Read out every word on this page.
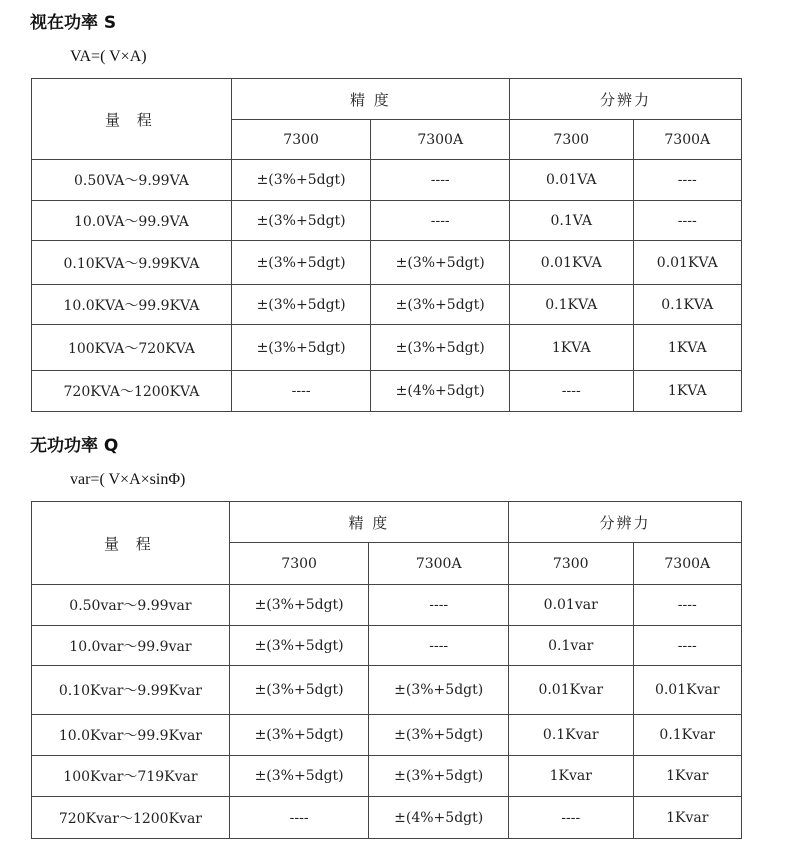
视在功率 S
VA=( V×A)
量 程	精 度		分辨力	
	7300	7300A	7300	7300A
0.50VA～9.99VA	±(3%+5dgt)	----	0.01VA	----
10.0VA～99.9VA	±(3%+5dgt)	----	0.1VA	----
0.10KVA～9.99KVA	±(3%+5dgt)	±(3%+5dgt)	0.01KVA	0.01KVA
10.0KVA～99.9KVA	±(3%+5dgt)	±(3%+5dgt)	0.1KVA	0.1KVA
100KVA～720KVA	±(3%+5dgt)	±(3%+5dgt)	1KVA	1KVA
720KVA～1200KVA	----	±(4%+5dgt)	----	1KVA
无功功率 Q
var=( V×A×sinΦ)
量 程	精 度		分辨力	
	7300	7300A	7300	7300A
0.50var～9.99var	±(3%+5dgt)	----	0.01var	----
10.0var～99.9var	±(3%+5dgt)	----	0.1var	----
0.10Kvar～9.99Kvar	±(3%+5dgt)	±(3%+5dgt)	0.01Kvar	0.01Kvar
10.0Kvar～99.9Kvar	±(3%+5dgt)	±(3%+5dgt)	0.1Kvar	0.1Kvar
100Kvar～719Kvar	±(3%+5dgt)	±(3%+5dgt)	1Kvar	1Kvar
720Kvar～1200Kvar	----	±(4%+5dgt)	----	1Kvar
